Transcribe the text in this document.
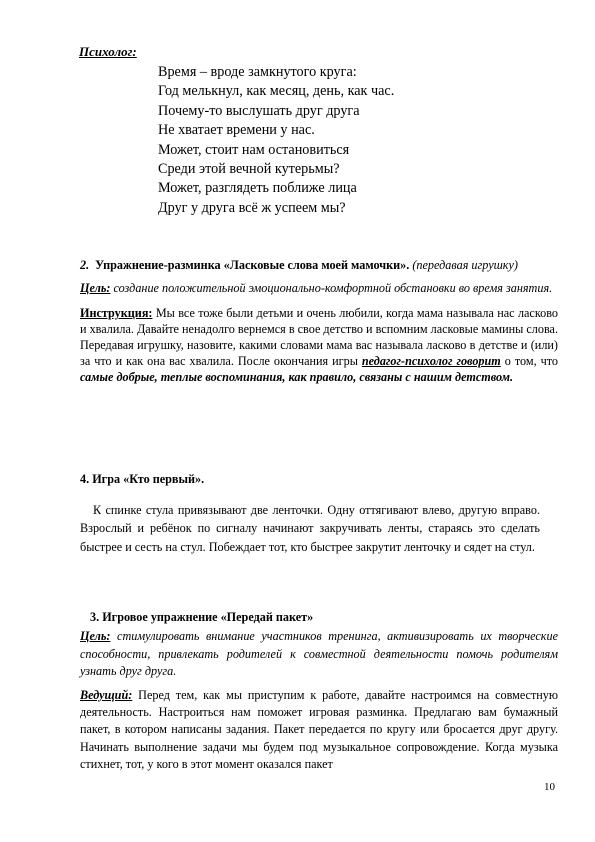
Психолог:
Время – вроде замкнутого круга:
Год мелькнул, как месяц, день, как час.
Почему-то выслушать друг друга
Не хватает времени у нас.
Может, стоит нам остановиться
Среди этой вечной кутерьмы?
Может, разглядеть поближе лица
Друг у друга всё ж успеем мы?
2. Упражнение-разминка «Ласковые слова моей мамочки». (передавая игрушку)
Цель: создание положительной эмоционально-комфортной обстановки во время занятия.
Инструкция: Мы все тоже были детьми и очень любили, когда мама называла нас ласково и хвалила. Давайте ненадолго вернемся в свое детство и вспомним ласковые мамины слова. Передавая игрушку, назовите, какими словами мама вас называла ласково в детстве и (или) за что и как она вас хвалила. После окончания игры педагог-психолог говорит о том, что самые добрые, теплые воспоминания, как правило, связаны с нашим детством.
4. Игра «Кто первый».
К спинке стула привязывают две ленточки. Одну оттягивают влево, другую вправо. Взрослый и ребёнок по сигналу начинают закручивать ленты, стараясь это сделать быстрее и сесть на стул. Побеждает тот, кто быстрее закрутит ленточку и сядет на стул.
3. Игровое упражнение «Передай пакет»
Цель: стимулировать внимание участников тренинга, активизировать их творческие способности, привлекать родителей к совместной деятельности помочь родителям узнать друг друга.
Ведущий: Перед тем, как мы приступим к работе, давайте настроимся на совместную деятельность. Настроиться нам поможет игровая разминка. Предлагаю вам бумажный пакет, в котором написаны задания. Пакет передается по кругу или бросается друг другу. Начинать выполнение задачи мы будем под музыкальное сопровождение. Когда музыка стихнет, тот, у кого в этот момент оказался пакет
10
